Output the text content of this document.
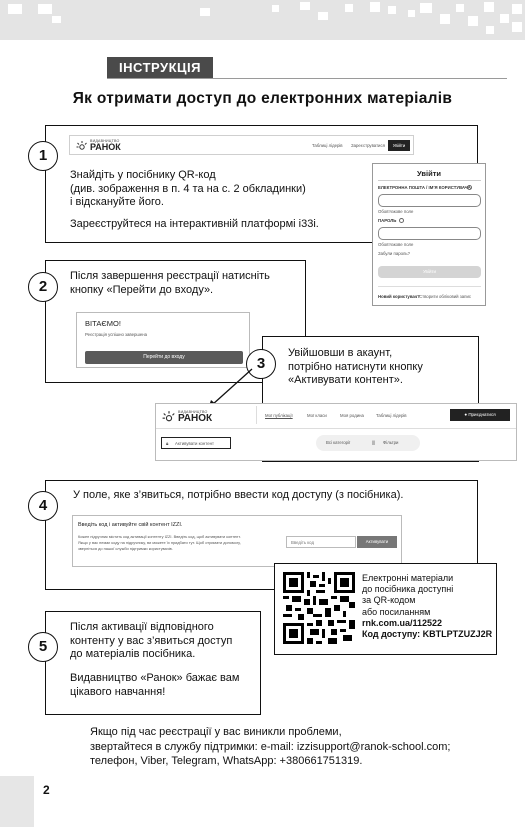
ІНСТРУКЦІЯ
Як отримати доступ до електронних матеріалів
1
ВИДАВНИЦТВО
РАНОК	Таблиці лідерів Зареєструватися	Увійти
Знайдіть у посібнику QR-код
(див. зображення в п. 4 та на с. 2 обкладинки)
і відскануйте його.
Зареєструйтеся на інтерактивній платформі і33і.
Увійти
ЕЛЕКТРОННА ПОШТА / ІМ’Я КОРИСТУВАЧА
Обов’язкове поле
ПАРОЛЬ
Обов’язкове поле
Забули пароль?
Увійти
Новий користувач? Створити обліковий запис
2
Після завершення реєстрації натисніть
кнопку «Перейти до входу».
ВІТАЄМО!
Реєстрація успішно завершена
Перейти до входу	3
Увійшовши в акаунт,
потрібно натиснути кнопку
«Активувати контент».
ВИДАВНИЦТВО
РАНОК	Мої публікації	Мої класи	Моя родина	Таблиці лідерів	● Приєднатися
🔒︎ Активувати контент	Всі категорії	||| Фільтри
4
У поле, яке з’явиться, потрібно ввести код доступу (з посібника).
Введіть код і активуйте свій контент IZZI.
Кожен підручник містить код активації контенту IZZI. Введіть код, щоб активувати контент.
Якщо у вас немає коду на підручнику, ви можете їх придбати тут. Щоб отримати допомогу,
зверніться до нашої служби підтримки користувачів.
Введіть код
Активувати
Електронні матеріали
до посібника доступні
за QR-кодом
або посиланням
rnk.com.ua/112522
Код доступу: KBTLPTZUZJ2R
5
Після активації відповідного
контенту у вас з’явиться доступ
до матеріалів посібника.
Видавництво «Ранок» бажає вам
цікавого навчання!
Якщо під час реєстрації у вас виникли проблеми,
звертайтеся в службу підтримки: e-mail: izzisupport@ranok-school.com;
телефон, Viber, Telegram, WhatsApp: +380661751319.
2
